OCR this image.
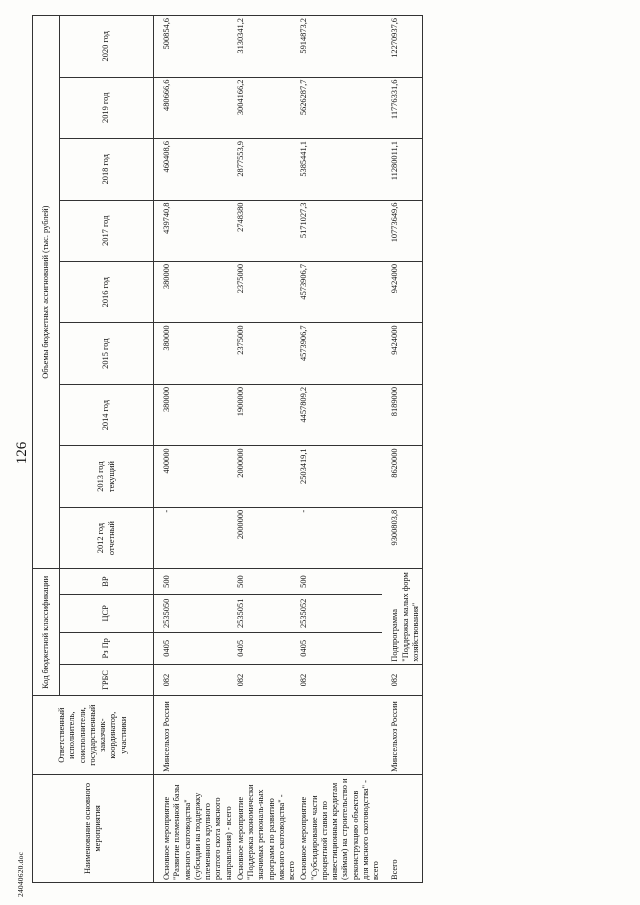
126
Наименование основного мероприятия	Ответственный исполнитель, соисполнители, государственный заказчик-координатор, участники	Код бюджетной классификации				Объемы бюджетных ассигнований (тыс. рублей)								
		ГРБС	Рз Пр	ЦСР	ВР	2012 год отчетный	2013 год текущий	2014 год	2015 год	2016 год	2017 год	2018 год	2019 год	2020 год

Основное мероприятие "Развитие племенной базы мясного скотоводства" (субсидии на поддержку племенного крупного рогатого скота мясного направления) - всего	Минсельхоз России	082	0405	2535050	500	-	400000	380000	380000	380000	439740,8	460408,6	480666,6	500854,6
Основное мероприятие "Поддержка экономически значимых региональ-ных программ по развитию мясного скотоводства" - всего		082	0405	2535051	500	2000000	2000000	1900000	2375000	2375000	2748380	2877553,9	3004166,2	3130341,2
Основное мероприятие "Субсидирование части процентной ставки по инвестиционным кредитам (займам) на строительство и реконструкцию объектов для мясного скотоводства" - всего		082	0405	2535052	500	-	2503419,1	4457809,2	4573906,7	4573906,7	5171027,3	5385441,1	5626287,7	5914873,2
Всего	Минсельхоз России	082	Подпрограмма "Поддержка малых форм хозяйствования"			9300803,8	8620000	8189000	9424000	9424000	10773649,6	11280011,1	11776331,6	12270937,6
24040620.doc
